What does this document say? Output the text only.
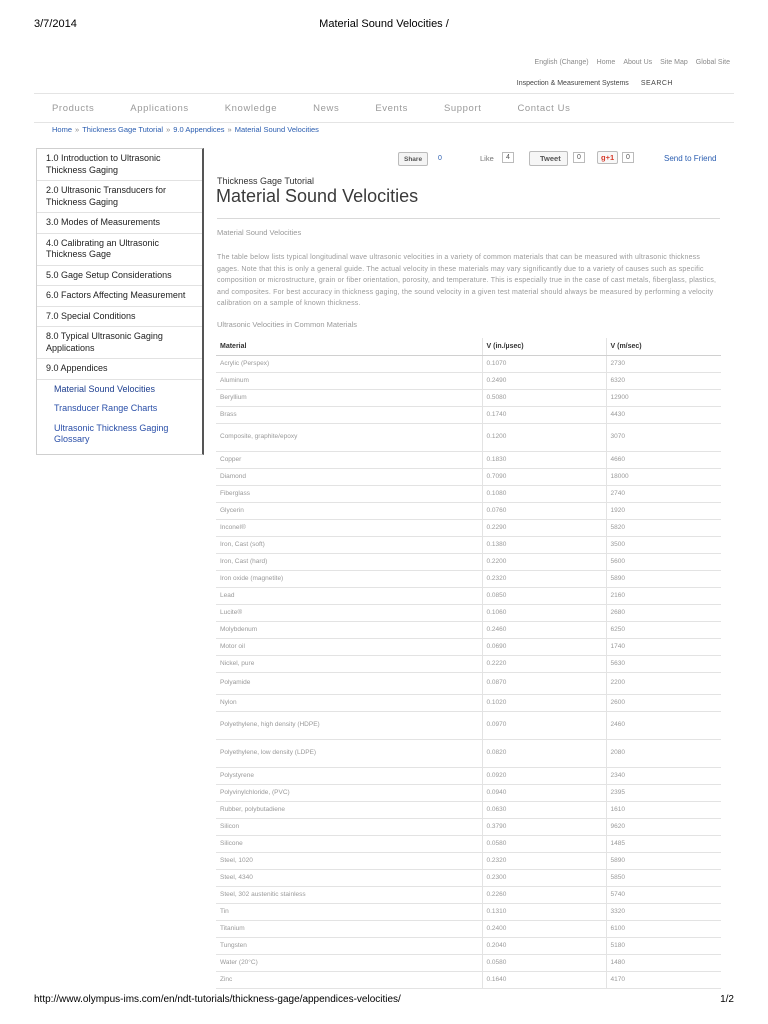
3/7/2014	Material Sound Velocities /
English (Change) Home About Us Site Map Global Site
Inspection & Measurement Systems SEARCH
Products	Applications	Knowledge	News	Events	Support	Contact Us
Home » Thickness Gage Tutorial » 9.0 Appendices » Material Sound Velocities
1.0 Introduction to Ultrasonic Thickness Gaging
2.0 Ultrasonic Transducers for Thickness Gaging
3.0 Modes of Measurements
4.0 Calibrating an Ultrasonic Thickness Gage
5.0 Gage Setup Considerations
6.0 Factors Affecting Measurement
7.0 Special Conditions
8.0 Typical Ultrasonic Gaging Applications
9.0 Appendices
Material Sound Velocities
Transducer Range Charts
Ultrasonic Thickness Gaging Glossary
Share	0	Like	4	Tweet	0	g+1	0	Send to Friend
Thickness Gage Tutorial
Material Sound Velocities
Material Sound Velocities

The table below lists typical longitudinal wave ultrasonic velocities in a variety of common materials that can be measured with ultrasonic thickness gages. Note that this is only a general guide. The actual velocity in these materials may vary significantly due to a variety of causes such as specific composition or microstructure, grain or fiber orientation, porosity, and temperature. This is especially true in the case of cast metals, fiberglass, plastics, and composites. For best accuracy in thickness gaging, the sound velocity in a given test material should always be measured by performing a velocity calibration on a sample of known thickness.

Ultrasonic Velocities in Common Materials
Material	V (in./µsec)	V (m/sec)
Acrylic (Perspex)	0.1070	2730
Aluminum	0.2490	6320
Beryllium	0.5080	12900
Brass	0.1740	4430
Composite, graphite/epoxy	0.1200	3070
Copper	0.1830	4660
Diamond	0.7090	18000
Fiberglass	0.1080	2740
Glycerin	0.0760	1920
Inconel®	0.2290	5820
Iron, Cast (soft)	0.1380	3500
Iron, Cast (hard)	0.2200	5600
Iron oxide (magnetite)	0.2320	5890
Lead	0.0850	2160
Lucite®	0.1060	2680
Molybdenum	0.2460	6250
Motor oil	0.0690	1740
Nickel, pure	0.2220	5630
Polyamide	0.0870	2200
Nylon	0.1020	2600
Polyethylene, high density (HDPE)	0.0970	2460
Polyethylene, low density (LDPE)	0.0820	2080
Polystyrene	0.0920	2340
Polyvinylchloride, (PVC)	0.0940	2395
Rubber, polybutadiene	0.0630	1610
Silicon	0.3790	9620
Silicone	0.0580	1485
Steel, 1020	0.2320	5890
Steel, 4340	0.2300	5850
Steel, 302 austenitic stainless	0.2260	5740
Tin	0.1310	3320
Titanium	0.2400	6100
Tungsten	0.2040	5180
Water (20°C)	0.0580	1480
Zinc	0.1640	4170
http://www.olympus-ims.com/en/ndt-tutorials/thickness-gage/appendices-velocities/	1/2
